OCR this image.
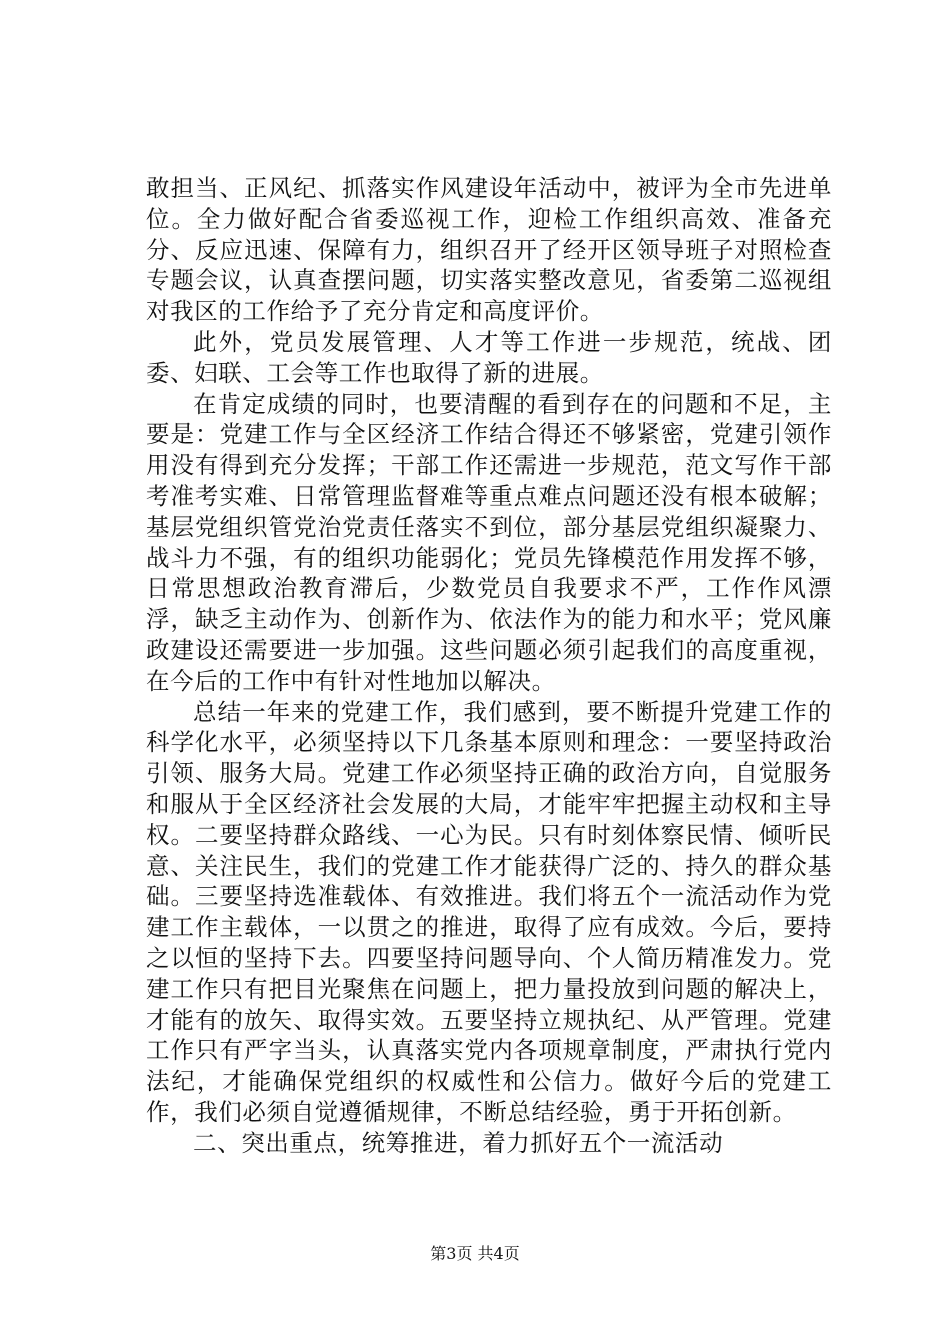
敢担当、正风纪、抓落实作风建设年活动中，被评为全市先进单位。全力做好配合省委巡视工作，迎检工作组织高效、准备充分、反应迅速、保障有力，组织召开了经开区领导班子对照检查专题会议，认真查摆问题，切实落实整改意见，省委第二巡视组对我区的工作给予了充分肯定和高度评价。

此外，党员发展管理、人才等工作进一步规范，统战、团委、妇联、工会等工作也取得了新的进展。

在肯定成绩的同时，也要清醒的看到存在的问题和不足，主要是：党建工作与全区经济工作结合得还不够紧密，党建引领作用没有得到充分发挥；干部工作还需进一步规范，范文写作干部考准考实难、日常管理监督难等重点难点问题还没有根本破解；基层党组织管党治党责任落实不到位，部分基层党组织凝聚力、战斗力不强，有的组织功能弱化；党员先锋模范作用发挥不够，日常思想政治教育滞后，少数党员自我要求不严，工作作风漂浮，缺乏主动作为、创新作为、依法作为的能力和水平；党风廉政建设还需要进一步加强。这些问题必须引起我们的高度重视，在今后的工作中有针对性地加以解决。

总结一年来的党建工作，我们感到，要不断提升党建工作的科学化水平，必须坚持以下几条基本原则和理念：一要坚持政治引领、服务大局。党建工作必须坚持正确的政治方向，自觉服务和服从于全区经济社会发展的大局，才能牢牢把握主动权和主导权。二要坚持群众路线、一心为民。只有时刻体察民情、倾听民意、关注民生，我们的党建工作才能获得广泛的、持久的群众基础。三要坚持选准载体、有效推进。我们将五个一流活动作为党建工作主载体，一以贯之的推进，取得了应有成效。今后，要持之以恒的坚持下去。四要坚持问题导向、个人简历精准发力。党建工作只有把目光聚焦在问题上，把力量投放到问题的解决上，才能有的放矢、取得实效。五要坚持立规执纪、从严管理。党建工作只有严字当头，认真落实党内各项规章制度，严肃执行党内法纪，才能确保党组织的权威性和公信力。做好今后的党建工作，我们必须自觉遵循规律，不断总结经验，勇于开拓创新。

二、突出重点，统筹推进，着力抓好五个一流活动

第3页 共4页
